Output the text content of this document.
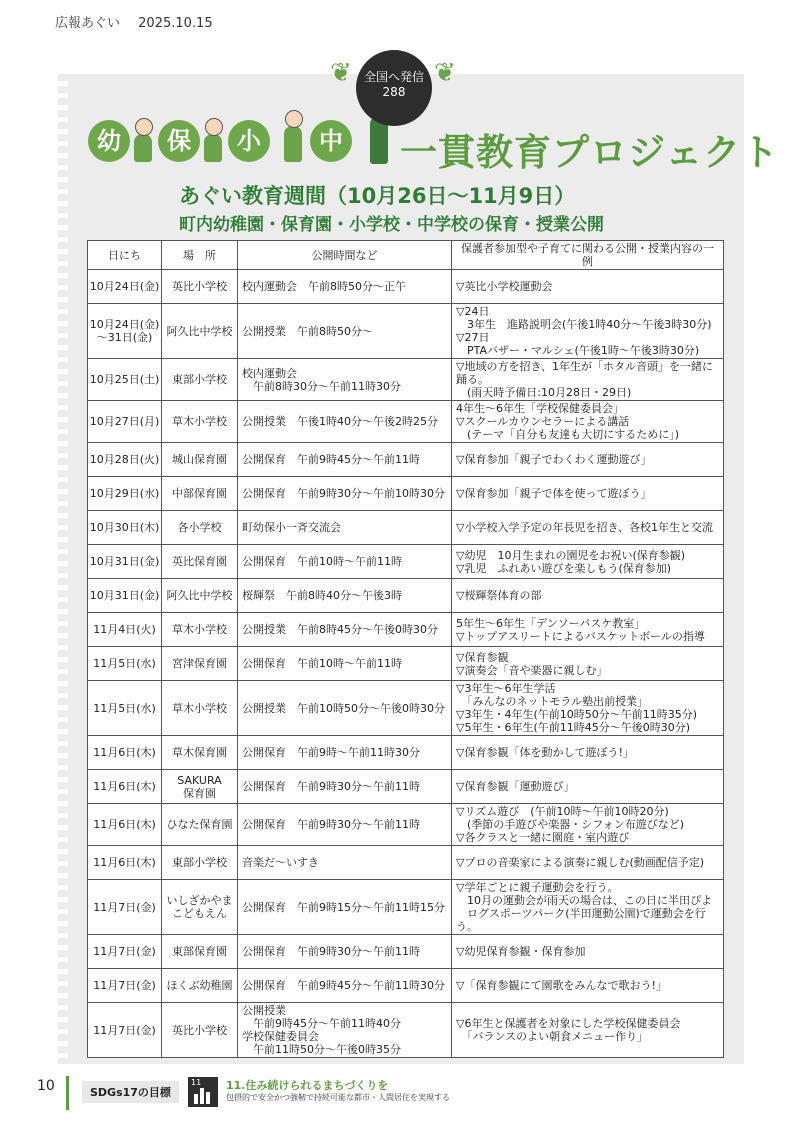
広報あぐい 2025.10.15
❦	❦
全国へ発信
288
幼	保	小	中 一貫教育プロジェクト
あぐい教育週間（10月26日～11月9日）
町内幼稚園・保育園・小学校・中学校の保育・授業公開
日にち	場　所	公開時間など	保護者参加型や子育てに関わる公開・授業内容の一例
10月24日(金)	英比小学校	校内運動会　午前8時50分～正午	▽英比小学校運動会
10月24日(金)
～31日(金)	阿久比中学校	公開授業　午前8時50分～	▽24日
　3年生　進路説明会(午後1時40分～午後3時30分)
▽27日
　PTAバザー・マルシェ(午後1時～午後3時30分)
10月25日(土)	東部小学校	校内運動会
　午前8時30分～午前11時30分	▽地域の方を招き、1年生が「ホタル音頭」を一緒に踊る。
　(雨天時予備日:10月28日・29日)
10月27日(月)	草木小学校	公開授業　午後1時40分～午後2時25分	4年生～6年生「学校保健委員会」
▽スクールカウンセラーによる講話
　(テーマ「自分も友達も大切にするために」)
10月28日(火)	城山保育園	公開保育　午前9時45分～午前11時	▽保育参加「親子でわくわく運動遊び」
10月29日(水)	中部保育園	公開保育　午前9時30分～午前10時30分	▽保育参加「親子で体を使って遊ぼう」
10月30日(木)	各小学校	町幼保小一斉交流会	▽小学校入学予定の年長児を招き、各校1年生と交流
10月31日(金)	英比保育園	公開保育　午前10時～午前11時	▽幼児　10月生まれの園児をお祝い(保育参観)
▽乳児　ふれあい遊びを楽しもう(保育参加)
10月31日(金)	阿久比中学校	桜輝祭　午前8時40分～午後3時	▽桜輝祭体育の部
11月4日(火)	草木小学校	公開授業　午前8時45分～午後0時30分	5年生～6年生「デンソーバスケ教室」
▽トップアスリートによるバスケットボールの指導
11月5日(水)	宮津保育園	公開保育　午前10時～午前11時	▽保育参観
▽演奏会「音や楽器に親しむ」
11月5日(水)	草木小学校	公開授業　午前10時50分～午後0時30分	▽3年生～6年生学活
　「みんなのネットモラル塾出前授業」
▽3年生・4年生(午前10時50分～午前11時35分)
▽5年生・6年生(午前11時45分～午後0時30分)
11月6日(木)	草木保育園	公開保育　午前9時～午前11時30分	▽保育参観「体を動かして遊ぼう!」
11月6日(木)	SAKURA
保育園	公開保育　午前9時30分～午前11時	▽保育参観「運動遊び」
11月6日(木)	ひなた保育園	公開保育　午前9時30分～午前11時	▽リズム遊び　(午前10時～午前10時20分)
　(季節の手遊びや楽器・シフォン布遊びなど)
▽各クラスと一緒に園庭・室内遊び
11月6日(木)	東部小学校	音楽だ～いすき	▽プロの音楽家による演奏に親しむ(動画配信予定)
11月7日(金)	いしざかやま
こどもえん	公開保育　午前9時15分～午前11時15分	▽学年ごとに親子運動会を行う。
　10月の運動会が雨天の場合は、この日に半田ぴよ
　ログスポーツパーク(半田運動公園)で運動会を行う。
11月7日(金)	東部保育園	公開保育　午前9時30分～午前11時	▽幼児保育参観・保育参加
11月7日(金)	ほくぶ幼稚園	公開保育　午前9時45分～午前11時30分	▽「保育参観にて園歌をみんなで歌おう!」
11月7日(金)	英比小学校	公開授業
　午前9時45分～午前11時40分
学校保健委員会
　午前11時50分～午後0時35分	▽6年生と保護者を対象にした学校保健委員会
　「バランスのよい朝食メニュー作り」
10	SDGs17の目標
11 11.住み続けられるまちづくりを
包摂的で安全かつ強靭で持続可能な都市・人間居住を実現する
